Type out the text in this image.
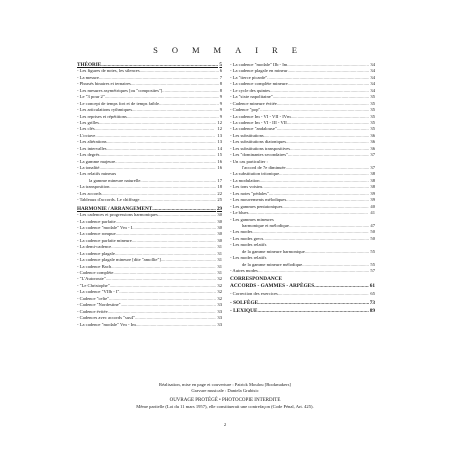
SOMMAIRE
THÉORIE .....	5
- Les figures de notes, les silences .....	6
- La mesure .....	7
- Phrasés binaires et ternaires .....	8
- Les mesures asymétriques [ou "composites"] .....	8
- Le "3 pour 2" .....	9
- Le concept de temps fort et de temps faible .....	9
- Les articulations rythmiques .....	9
- Les reprises et répétitions .....	9
- Les grilles .....	12
- Les clés .....	12
- L'octave .....	13
- Les altérations .....	13
- Les intervalles .....	14
- Les degrés .....	15
- La gamme majeure .....	16
- La tonalité .....	16
- Les relatifs mineurs
la gamme mineure naturelle .....	17
- La transposition .....	18
- Les accords .....	22
- Tableaux d'accords. Le chiffrage .....	25
HARMONIE / ARRANGEMENT .....	29
- Les cadences et progressions harmoniques .....	30
- La cadence parfaite .....	30
- La cadence "modale" Vm - I .....	30
- La cadence rompue .....	30
- La cadence parfaite mineure .....	30
- La demi-cadence .....	31
- La cadence plagale .....	31
- La cadence plagale mineure [dite "amollie"] .....	31
- La cadence Bach .....	31
- Cadence complète .....	31
- "L'Autoroute" .....	32
- "Le Christophe" .....	32
- La cadence "VIIb - I" .....	32
- Cadence "celte" .....	32
- Cadence "Nordestine" .....	33
- Cadence évitée .....	33
- Cadences avec accords "sus4" .....	33
- La cadence "modale" Vm - Im .....	33
- La cadence "modale" IIb - Im .....	34
- La cadence plagale en mineur .....	34
- La "tierce picarde" .....	34
- La cadence complète mineure .....	34
- Le cycle des quintes .....	34
- La "sixte napolitaine" .....	35
- Cadence mineure évitée .....	35
- Cadence "pop" .....	35
- La cadence Im - VI - VII - IVm .....	35
- La cadence Im - VI - III - VII .....	35
- La cadence "andalouse" .....	35
- Les substitutions .....	36
- Les substitutions diatoniques .....	36
- Les substitutions transpositives .....	36
- Les "dominantes secondaires" .....	37
- Un cas particulier :
l'accord de 7e diminuée .....	37
- La substitution tritonique .....	38
- La modulation .....	38
- Les tons voisins .....	38
- Les notes "pédales" .....	39
- Les mouvements mélodiques .....	39
- Les gammes pentatoniques .....	40
- Le blues .....	41
- Les gammes mineures
harmonique et mélodique .....	47
- Les modes .....	50
- Les modes grecs .....	50
- Les modes relatifs
de la gamme mineure harmonique .....	55
- Les modes relatifs
de la gamme mineure mélodique .....	55
- Autres modes .....	57
CORRESPONDANCE
ACCORDS - GAMMES - ARPÈGES .....	61
- Correction des exercices .....	65
- SOLFÈGE .....	73
- LEXIQUE .....	89
Réalisation, mise en page et couverture : Patrick Moulou [Bookmakers]
Gravure musicale : Daniela Grubisic
OUVRAGE PROTÉGÉ • PHOTOCOPIE INTERDITE
Même partielle (Loi du 11 mars 1957), elle constituerait une contrefaçon (Code Pénal, Art. 425).
2
